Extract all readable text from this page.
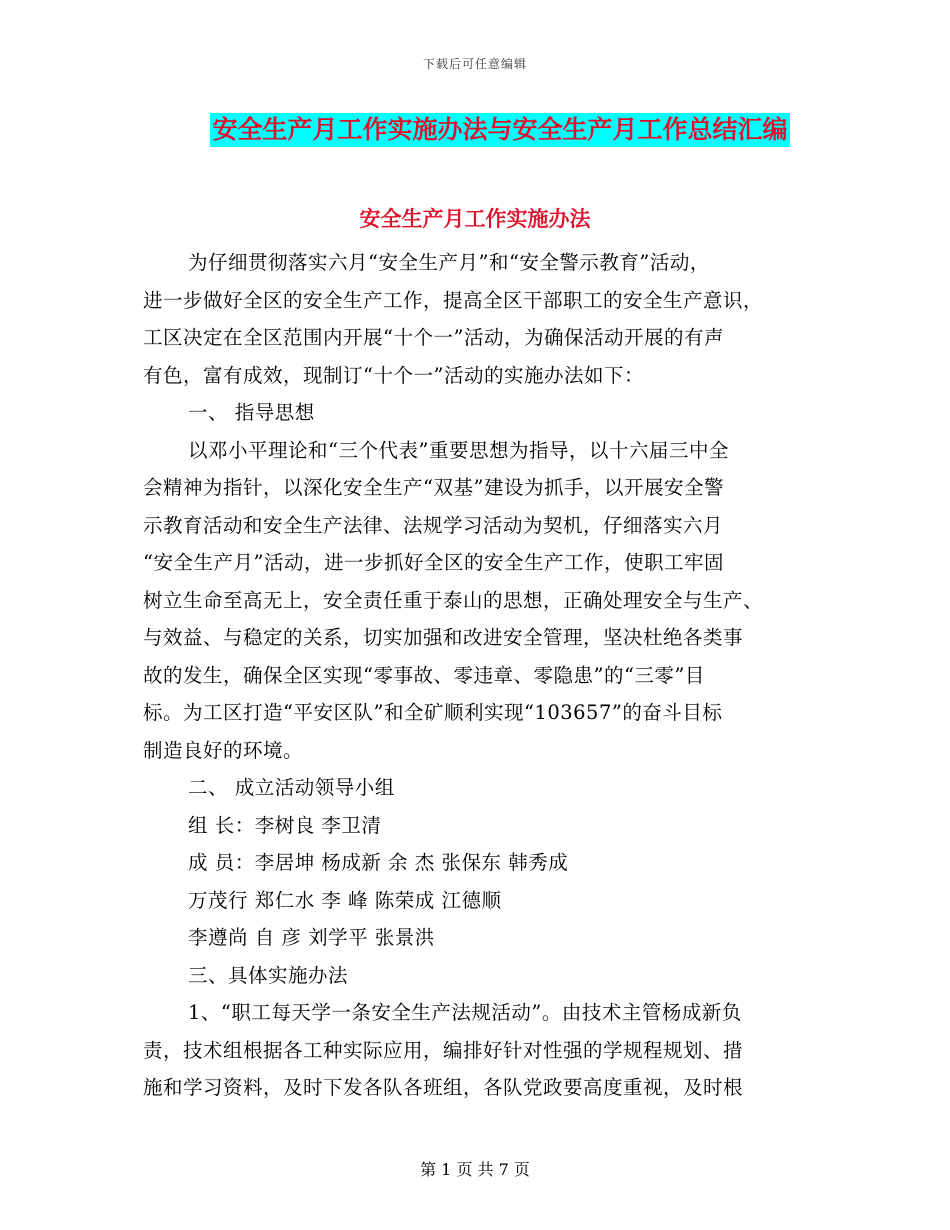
下载后可任意编辑
安全生产月工作实施办法与安全生产月工作总结汇编
安全生产月工作实施办法
为仔细贯彻落实六月“安全生产月”和“安全警示教育”活动，
进一步做好全区的安全生产工作，提高全区干部职工的安全生产意识，
工区决定在全区范围内开展“十个一”活动，为确保活动开展的有声
有色，富有成效，现制订“十个一”活动的实施办法如下：
一、 指导思想
以邓小平理论和“三个代表”重要思想为指导，以十六届三中全
会精神为指针，以深化安全生产“双基”建设为抓手，以开展安全警
示教育活动和安全生产法律、法规学习活动为契机，仔细落实六月
“安全生产月”活动，进一步抓好全区的安全生产工作，使职工牢固
树立生命至高无上，安全责任重于泰山的思想，正确处理安全与生产、
与效益、与稳定的关系，切实加强和改进安全管理，坚决杜绝各类事
故的发生，确保全区实现“零事故、零违章、零隐患”的“三零”目
标。为工区打造“平安区队”和全矿顺利实现“103657”的奋斗目标
制造良好的环境。
二、 成立活动领导小组
组 长：李树良 李卫清
成 员：李居坤 杨成新 余 杰 张保东 韩秀成
万茂行 郑仁水 李 峰 陈荣成 江德顺
李遵尚 自 彦 刘学平 张景洪
三、具体实施办法
1、“职工每天学一条安全生产法规活动”。由技术主管杨成新负
责，技术组根据各工种实际应用，编排好针对性强的学规程规划、措
施和学习资料，及时下发各队各班组，各队党政要高度重视，及时根
第 1 页 共 7 页
